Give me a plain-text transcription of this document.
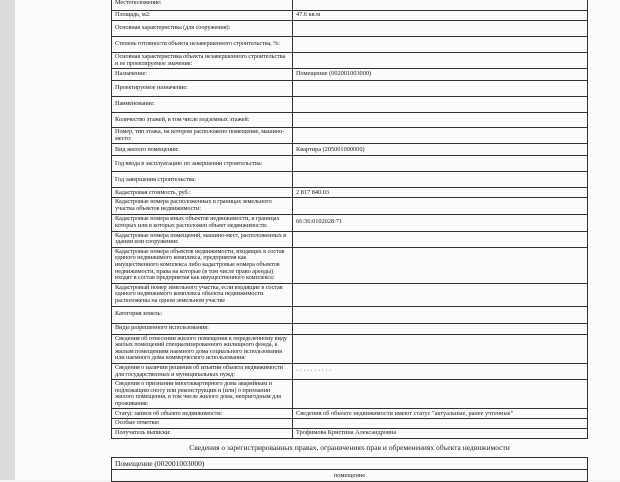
Местоположение:
Площадь, м2:	47.6 кв.м
Основная характеристика (для сооружения):
Степень готовности объекта незавершенного строительства, %:
Основная характеристика объекта незавершенного строительства и ее проектируемое значение:
Назначение:	Помещение (002001003000)
Проектируемое назначение:
Наименование:
Количество этажей, в том числе подземных этажей:
Номер, тип этажа, на котором расположено помещение, машино-место:
Вид жилого помещения:	Квартира (205001000000)
Год ввода в эксплуатацию по завершении строительства:
Год завершения строительства:
Кадастровая стоимость, руб.:	2 817 840.03
Кадастровые номера расположенных в границах земельного участка объектов недвижимости:
Кадастровые номера иных объектов недвижимости, в границах которых или в которых расположен объект недвижимости:	66:36:0102028:71
Кадастровые номера помещений, машино-мест, расположенных в здании или сооружении:
Кадастровые номера объектов недвижимости, входящих в состав единого недвижимого комплекса, предприятия как имущественного комплекса либо кадастровые номера объектов недвижимости, права на которые (в том числе право аренды) входят в состав предприятия как имущественного комплекса:
Кадастровый номер земельного участка, если входящие в состав единого недвижимого комплекса объекты недвижимости расположены на одном земельном участке
Категория земель:
Виды разрешенного использования:
Сведения об отнесении жилого помещения к определенному виду жилых помещений специализированного жилищного фонда, к жилым помещениям наемного дома социального использования или наемного дома коммерческого использования:
Сведения о наличии решения об изъятии объекта недвижимости для государственных и муниципальных нужд:	· · · · · · · · · ·
Сведения о признании многоквартирного дома аварийным и подлежащим сносу или реконструкции и (или) о признании жилого помещения, в том числе жилого дома, непригодным для проживания:
Статус записи об объекте недвижимости:	Сведения об объекте недвижимости имеют статус "актуальные, ранее учтенные"
Особые отметки:
Получатель выписки:	Трофимова Кристина Александровна
Сведения о зарегистрированных правах, ограничениях прав и обременениях объекта недвижимости
Помещение (002001003000)
помещение
